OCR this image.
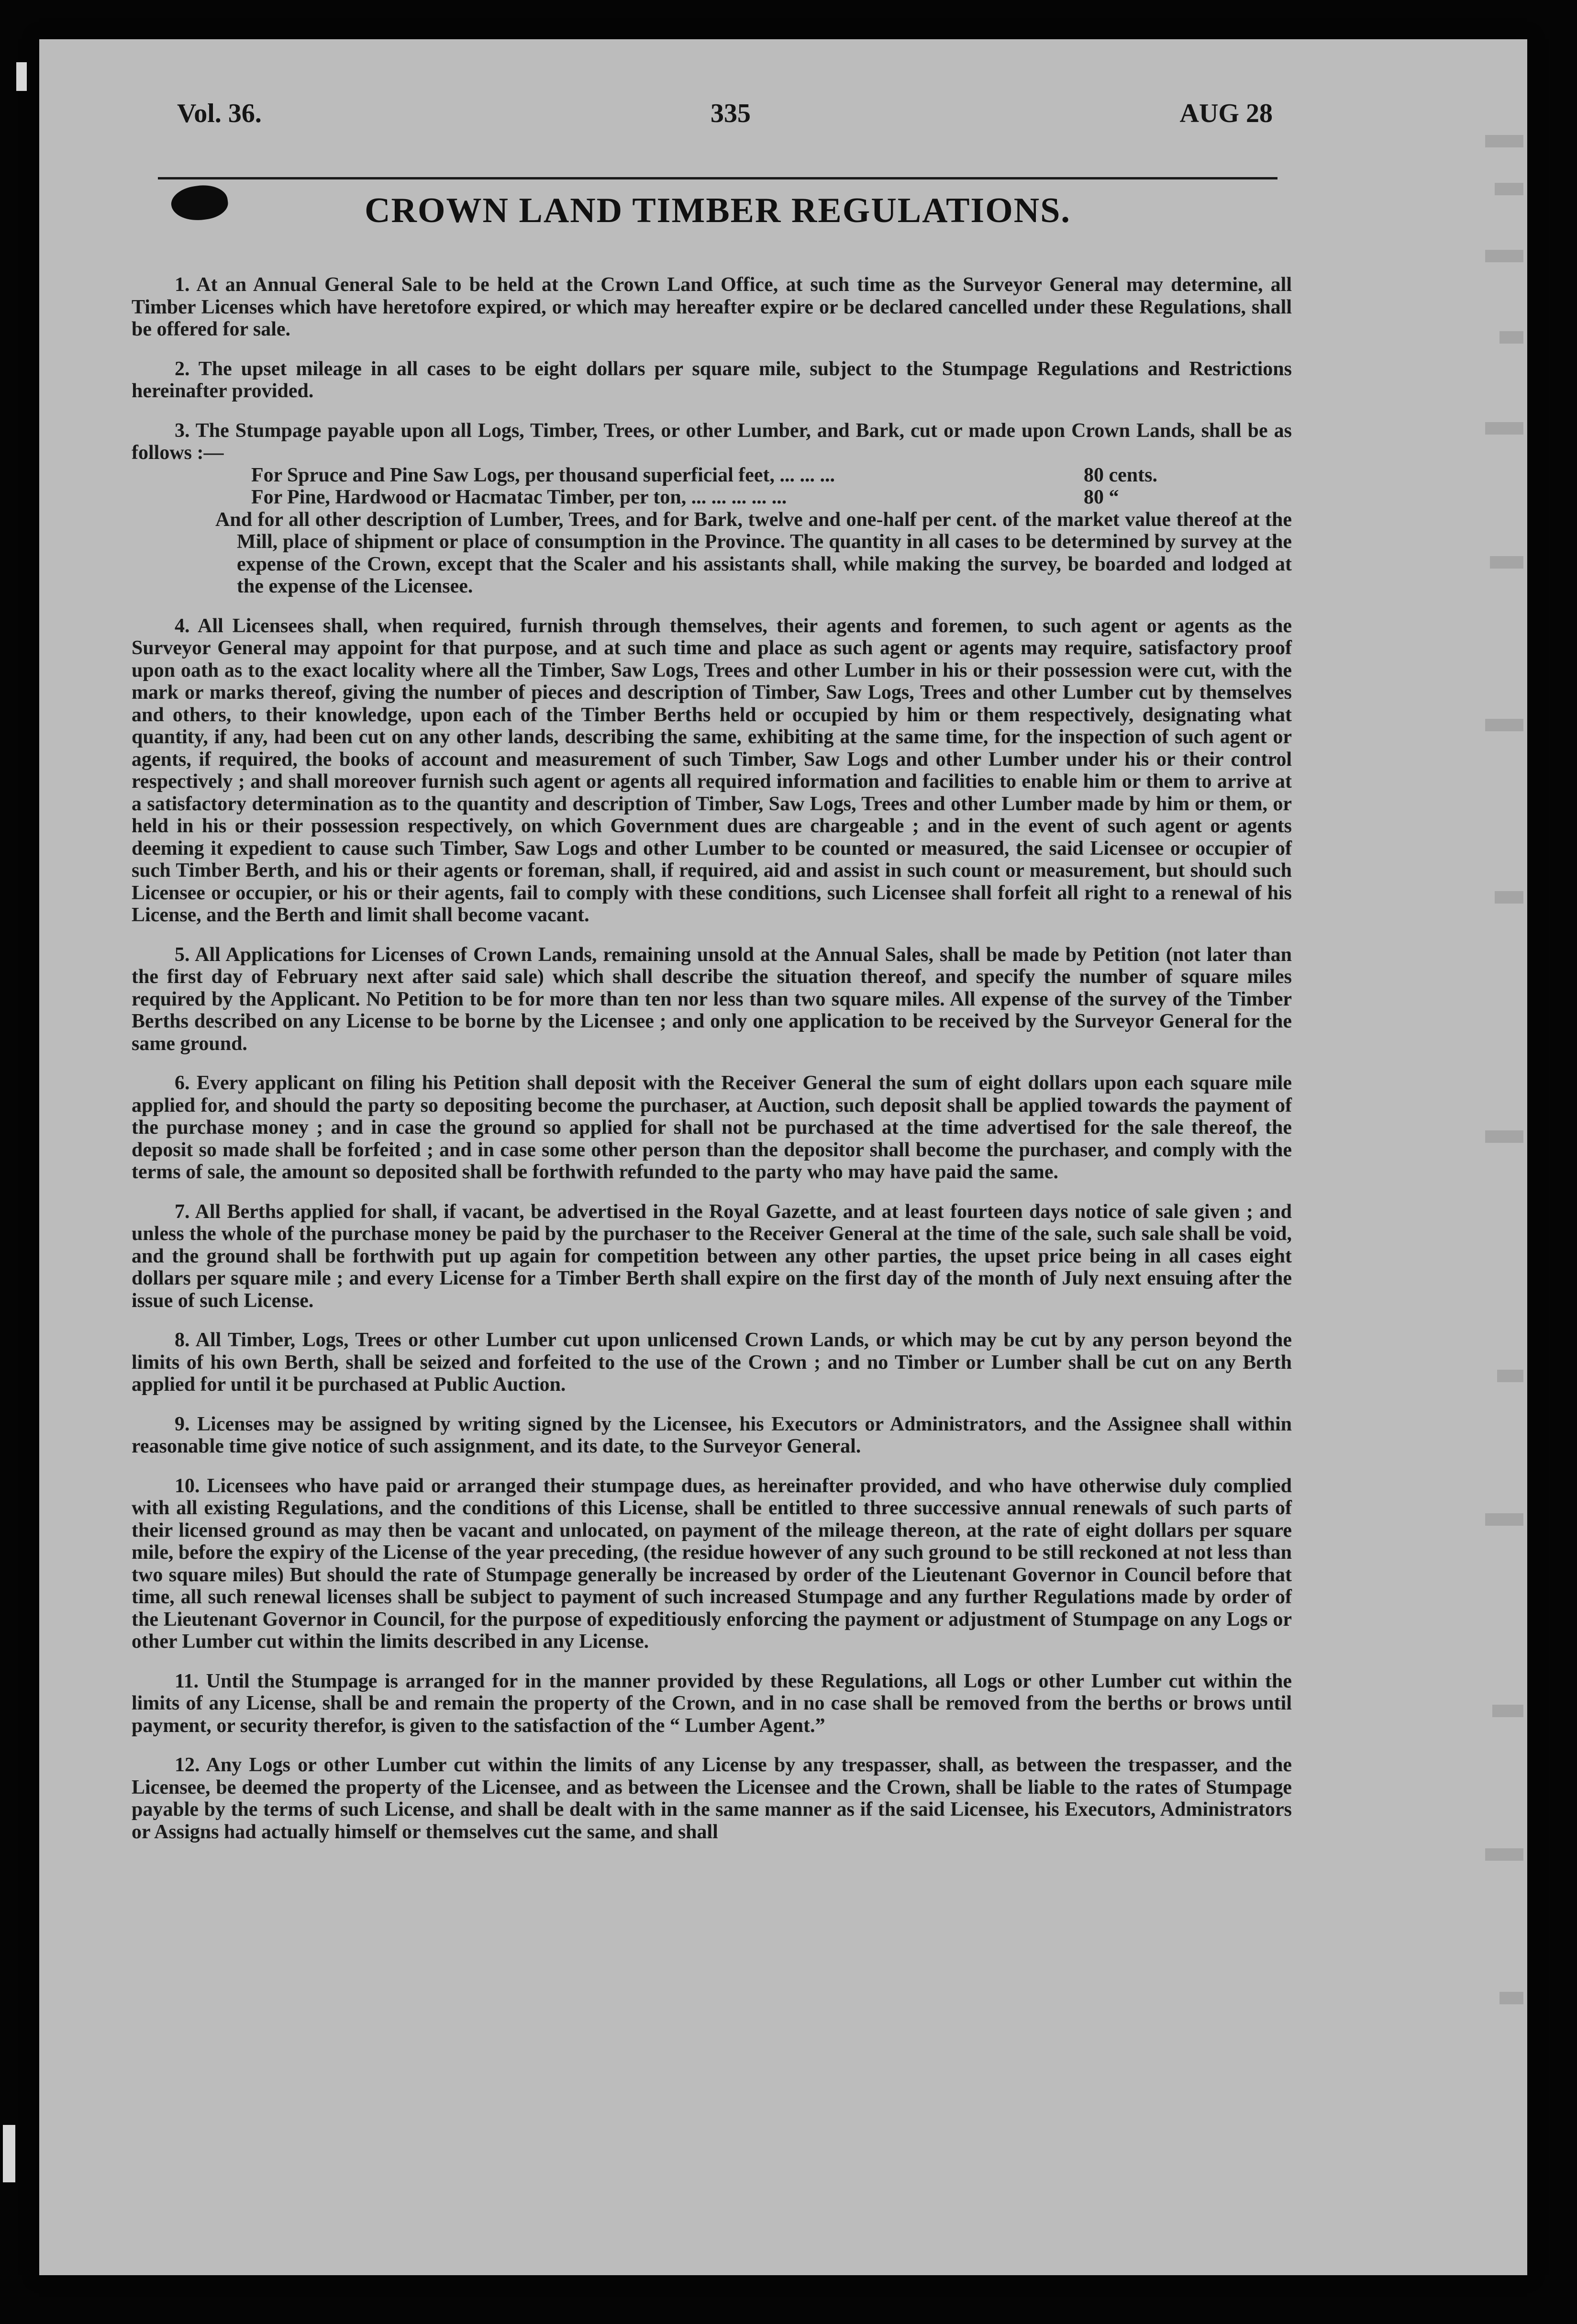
Vol. 36.	335	AUG 28
CROWN LAND TIMBER REGULATIONS.

1. At an Annual General Sale to be held at the Crown Land Office, at such time as the Surveyor General may determine, all Timber Licenses which have heretofore expired, or which may hereafter expire or be declared cancelled under these Regulations, shall be offered for sale.

2. The upset mileage in all cases to be eight dollars per square mile, subject to the Stumpage Regulations and Restrictions hereinafter provided.

3. The Stumpage payable upon all Logs, Timber, Trees, or other Lumber, and Bark, cut or made upon Crown Lands, shall be as follows :—

For Spruce and Pine Saw Logs, per thousand superficial feet, ... ... ...	80 cents.

For Pine, Hardwood or Hacmatac Timber, per ton, ... ... ... ... ...	80 “

And for all other description of Lumber, Trees, and for Bark, twelve and one-half per cent. of the market value thereof at the Mill, place of shipment or place of consumption in the Province. The quantity in all cases to be determined by survey at the expense of the Crown, except that the Scaler and his assistants shall, while making the survey, be boarded and lodged at the expense of the Licensee.

4. All Licensees shall, when required, furnish through themselves, their agents and foremen, to such agent or agents as the Surveyor General may appoint for that purpose, and at such time and place as such agent or agents may require, satisfactory proof upon oath as to the exact locality where all the Timber, Saw Logs, Trees and other Lumber in his or their possession were cut, with the mark or marks thereof, giving the number of pieces and description of Timber, Saw Logs, Trees and other Lumber cut by themselves and others, to their knowledge, upon each of the Timber Berths held or occupied by him or them respectively, designating what quantity, if any, had been cut on any other lands, describing the same, exhibiting at the same time, for the inspection of such agent or agents, if required, the books of account and measurement of such Timber, Saw Logs and other Lumber under his or their control respectively ; and shall moreover furnish such agent or agents all required information and facilities to enable him or them to arrive at a satisfactory determination as to the quantity and description of Timber, Saw Logs, Trees and other Lumber made by him or them, or held in his or their possession respectively, on which Government dues are chargeable ; and in the event of such agent or agents deeming it expedient to cause such Timber, Saw Logs and other Lumber to be counted or measured, the said Licensee or occupier of such Timber Berth, and his or their agents or foreman, shall, if required, aid and assist in such count or measurement, but should such Licensee or occupier, or his or their agents, fail to comply with these conditions, such Licensee shall forfeit all right to a renewal of his License, and the Berth and limit shall become vacant.

5. All Applications for Licenses of Crown Lands, remaining unsold at the Annual Sales, shall be made by Petition (not later than the first day of February next after said sale) which shall describe the situation thereof, and specify the number of square miles required by the Applicant. No Petition to be for more than ten nor less than two square miles. All expense of the survey of the Timber Berths described on any License to be borne by the Licensee ; and only one application to be received by the Surveyor General for the same ground.

6. Every applicant on filing his Petition shall deposit with the Receiver General the sum of eight dollars upon each square mile applied for, and should the party so depositing become the purchaser, at Auction, such deposit shall be applied towards the payment of the purchase money ; and in case the ground so applied for shall not be purchased at the time advertised for the sale thereof, the deposit so made shall be forfeited ; and in case some other person than the depositor shall become the purchaser, and comply with the terms of sale, the amount so deposited shall be forthwith refunded to the party who may have paid the same.

7. All Berths applied for shall, if vacant, be advertised in the Royal Gazette, and at least fourteen days notice of sale given ; and unless the whole of the purchase money be paid by the purchaser to the Receiver General at the time of the sale, such sale shall be void, and the ground shall be forthwith put up again for competition between any other parties, the upset price being in all cases eight dollars per square mile ; and every License for a Timber Berth shall expire on the first day of the month of July next ensuing after the issue of such License.

8. All Timber, Logs, Trees or other Lumber cut upon unlicensed Crown Lands, or which may be cut by any person beyond the limits of his own Berth, shall be seized and forfeited to the use of the Crown ; and no Timber or Lumber shall be cut on any Berth applied for until it be purchased at Public Auction.

9. Licenses may be assigned by writing signed by the Licensee, his Executors or Administrators, and the Assignee shall within reasonable time give notice of such assignment, and its date, to the Surveyor General.

10. Licensees who have paid or arranged their stumpage dues, as hereinafter provided, and who have otherwise duly complied with all existing Regulations, and the conditions of this License, shall be entitled to three successive annual renewals of such parts of their licensed ground as may then be vacant and unlocated, on payment of the mileage thereon, at the rate of eight dollars per square mile, before the expiry of the License of the year preceding, (the residue however of any such ground to be still reckoned at not less than two square miles) But should the rate of Stumpage generally be increased by order of the Lieutenant Governor in Council before that time, all such renewal licenses shall be subject to payment of such increased Stumpage and any further Regulations made by order of the Lieutenant Governor in Council, for the purpose of expeditiously enforcing the payment or adjustment of Stumpage on any Logs or other Lumber cut within the limits described in any License.

11. Until the Stumpage is arranged for in the manner provided by these Regulations, all Logs or other Lumber cut within the limits of any License, shall be and remain the property of the Crown, and in no case shall be removed from the berths or brows until payment, or security therefor, is given to the satisfaction of the “ Lumber Agent.”

12. Any Logs or other Lumber cut within the limits of any License by any trespasser, shall, as between the trespasser, and the Licensee, be deemed the property of the Licensee, and as between the Licensee and the Crown, shall be liable to the rates of Stumpage payable by the terms of such License, and shall be dealt with in the same manner as if the said Licensee, his Executors, Administrators or Assigns had actually himself or themselves cut the same, and shall
